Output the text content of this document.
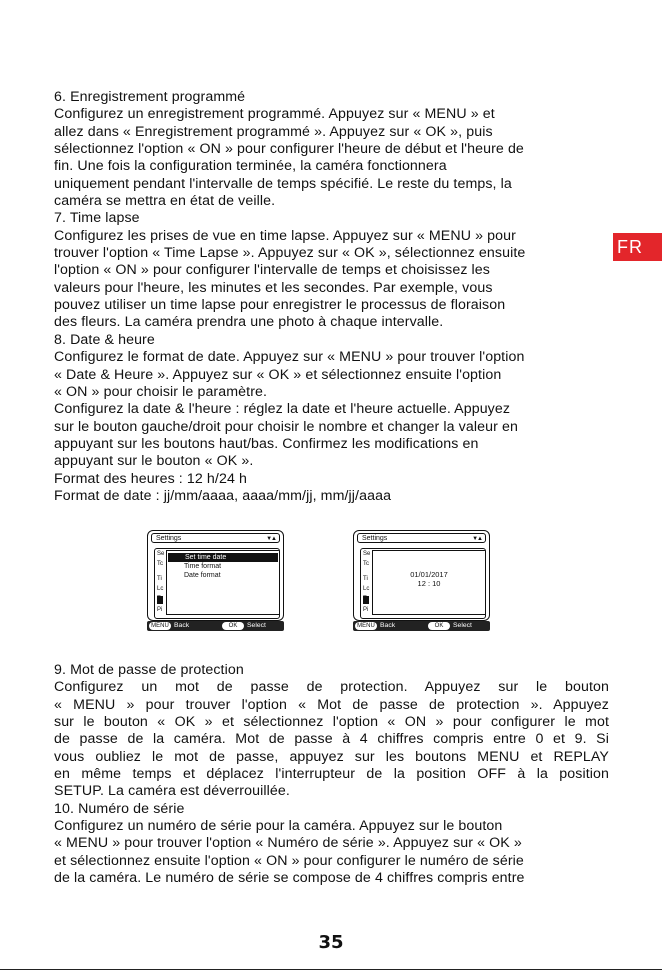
6. Enregistrement programmé

Configurez un enregistrement programmé. Appuyez sur « MENU » et

allez dans « Enregistrement programmé ». Appuyez sur « OK », puis

sélectionnez l'option « ON » pour configurer l'heure de début et l'heure de

fin. Une fois la configuration terminée, la caméra fonctionnera

uniquement pendant l'intervalle de temps spécifié. Le reste du temps, la

caméra se mettra en état de veille.

7. Time lapse

Configurez les prises de vue en time lapse. Appuyez sur « MENU » pour

trouver l'option « Time Lapse ». Appuyez sur « OK », sélectionnez ensuite

l'option « ON » pour configurer l'intervalle de temps et choisissez les

valeurs pour l'heure, les minutes et les secondes. Par exemple, vous

pouvez utiliser un time lapse pour enregistrer le processus de floraison

des fleurs. La caméra prendra une photo à chaque intervalle.

8. Date & heure

Configurez le format de date. Appuyez sur « MENU » pour trouver l'option

« Date & Heure ». Appuyez sur « OK » et sélectionnez ensuite l'option

« ON » pour choisir le paramètre.

Configurez la date & l'heure : réglez la date et l'heure actuelle. Appuyez

sur le bouton gauche/droit pour choisir le nombre et changer la valeur en

appuyant sur les boutons haut/bas. Confirmez les modifications en

appuyant sur le bouton « OK ».

Format des heures : 12 h/24 h

Format de date : jj/mm/aaaa, aaaa/mm/jj, mm/jj/aaaa

FR
Settings	▼▲
Se
Tc
Ti
Lc
T
Pi
Set time date
Time format
Date format
MENU Back	OK	Select
Settings	▼▲
Se
Tc
Ti
Lc
T
Pi
01/01/2017
12 : 10
MENU Back	OK	Select

9. Mot de passe de protection

Configurez un mot de passe de protection. Appuyez sur le bouton

« MENU » pour trouver l'option « Mot de passe de protection ». Appuyez

sur le bouton « OK » et sélectionnez l'option « ON » pour configurer le mot

de passe de la caméra. Mot de passe à 4 chiffres compris entre 0 et 9. Si

vous oubliez le mot de passe, appuyez sur les boutons MENU et REPLAY

en même temps et déplacez l'interrupteur de la position OFF à la position

SETUP. La caméra est déverrouillée.

10. Numéro de série

Configurez un numéro de série pour la caméra. Appuyez sur le bouton

« MENU » pour trouver l'option « Numéro de série ». Appuyez sur « OK »

et sélectionnez ensuite l'option « ON » pour configurer le numéro de série

de la caméra. Le numéro de série se compose de 4 chiffres compris entre

35
